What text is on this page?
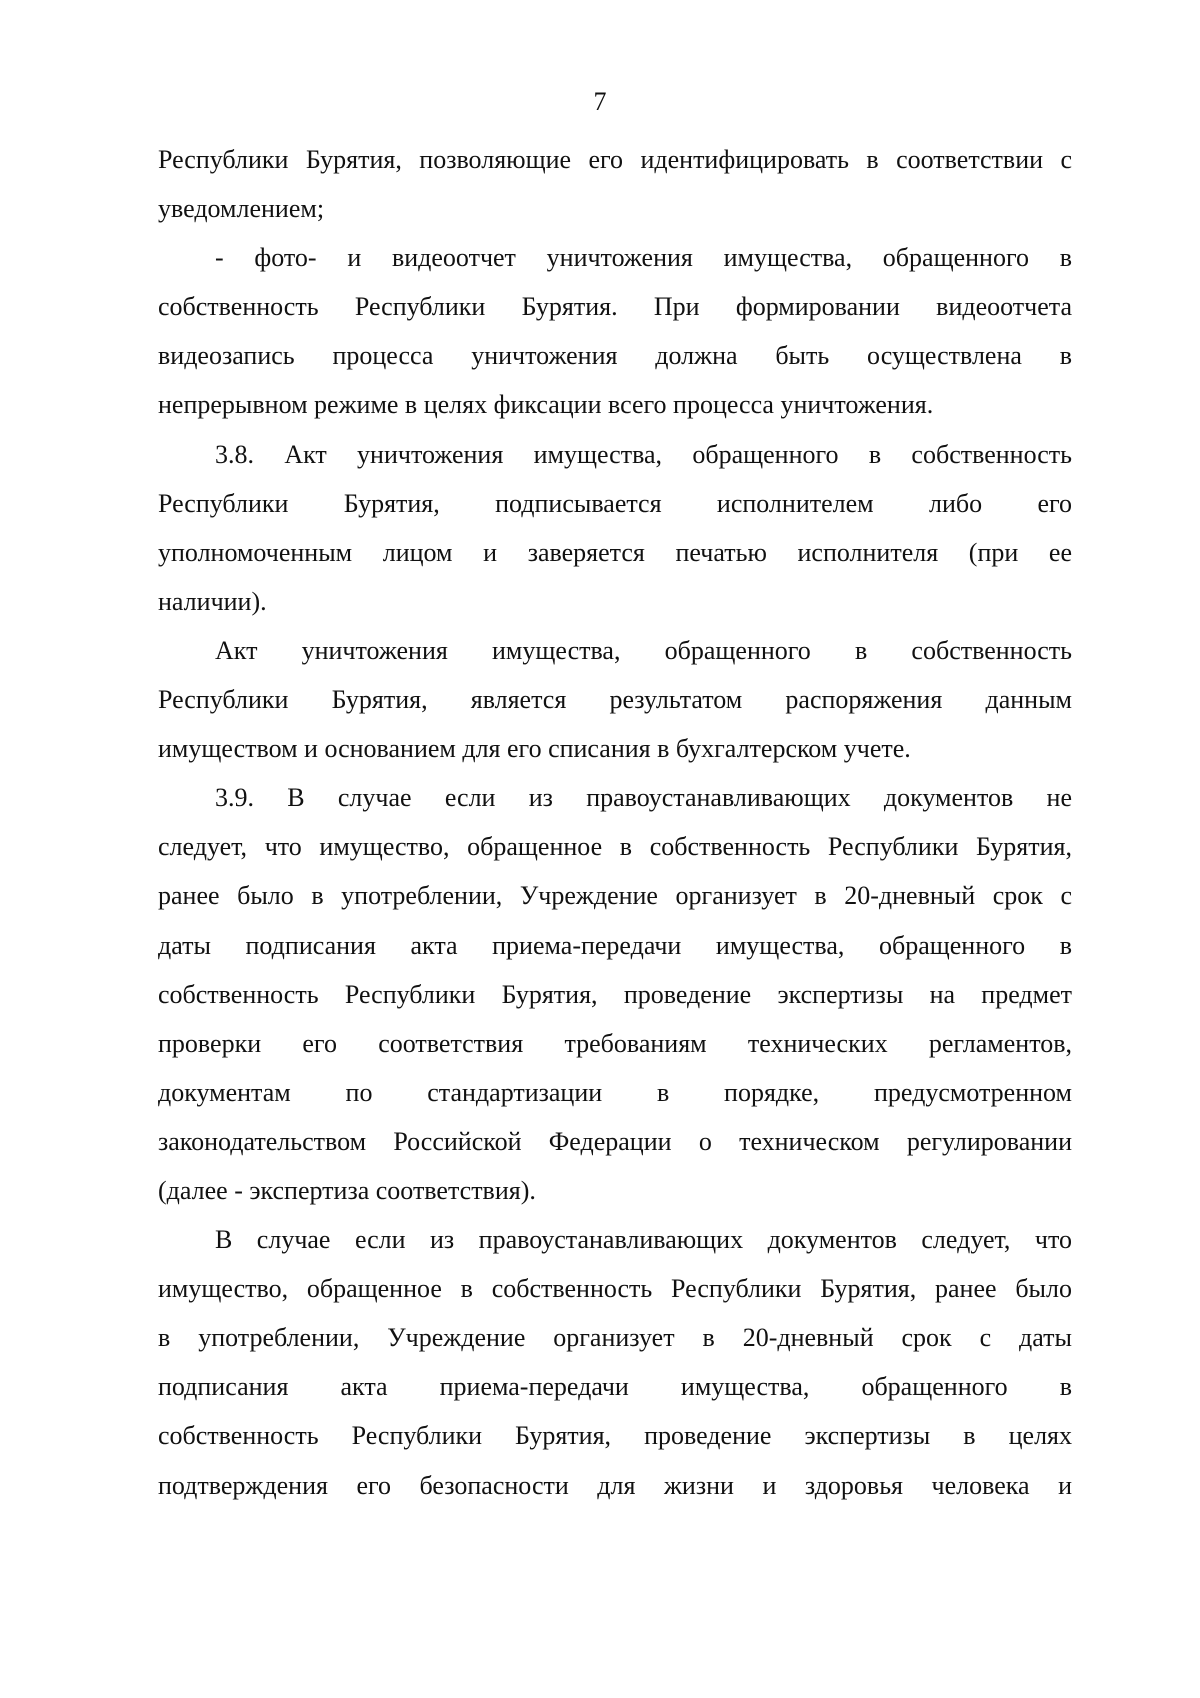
7
Республики Бурятия, позволяющие его идентифицировать в соответствии с
уведомлением;
- фото- и видеоотчет уничтожения имущества, обращенного в
собственность Республики Бурятия. При формировании видеоотчета
видеозапись процесса уничтожения должна быть осуществлена в
непрерывном режиме в целях фиксации всего процесса уничтожения.
3.8. Акт уничтожения имущества, обращенного в собственность
Республики Бурятия, подписывается исполнителем либо его
уполномоченным лицом и заверяется печатью исполнителя (при ее
наличии).
Акт уничтожения имущества, обращенного в собственность
Республики Бурятия, является результатом распоряжения данным
имуществом и основанием для его списания в бухгалтерском учете.
3.9. В случае если из правоустанавливающих документов не
следует, что имущество, обращенное в собственность Республики Бурятия,
ранее было в употреблении, Учреждение организует в 20-дневный срок с
даты подписания акта приема-передачи имущества, обращенного в
собственность Республики Бурятия, проведение экспертизы на предмет
проверки его соответствия требованиям технических регламентов,
документам по стандартизации в порядке, предусмотренном
законодательством Российской Федерации о техническом регулировании
(далее - экспертиза соответствия).
В случае если из правоустанавливающих документов следует, что
имущество, обращенное в собственность Республики Бурятия, ранее было
в употреблении, Учреждение организует в 20-дневный срок с даты
подписания акта приема-передачи имущества, обращенного в
собственность Республики Бурятия, проведение экспертизы в целях
подтверждения его безопасности для жизни и здоровья человека и
